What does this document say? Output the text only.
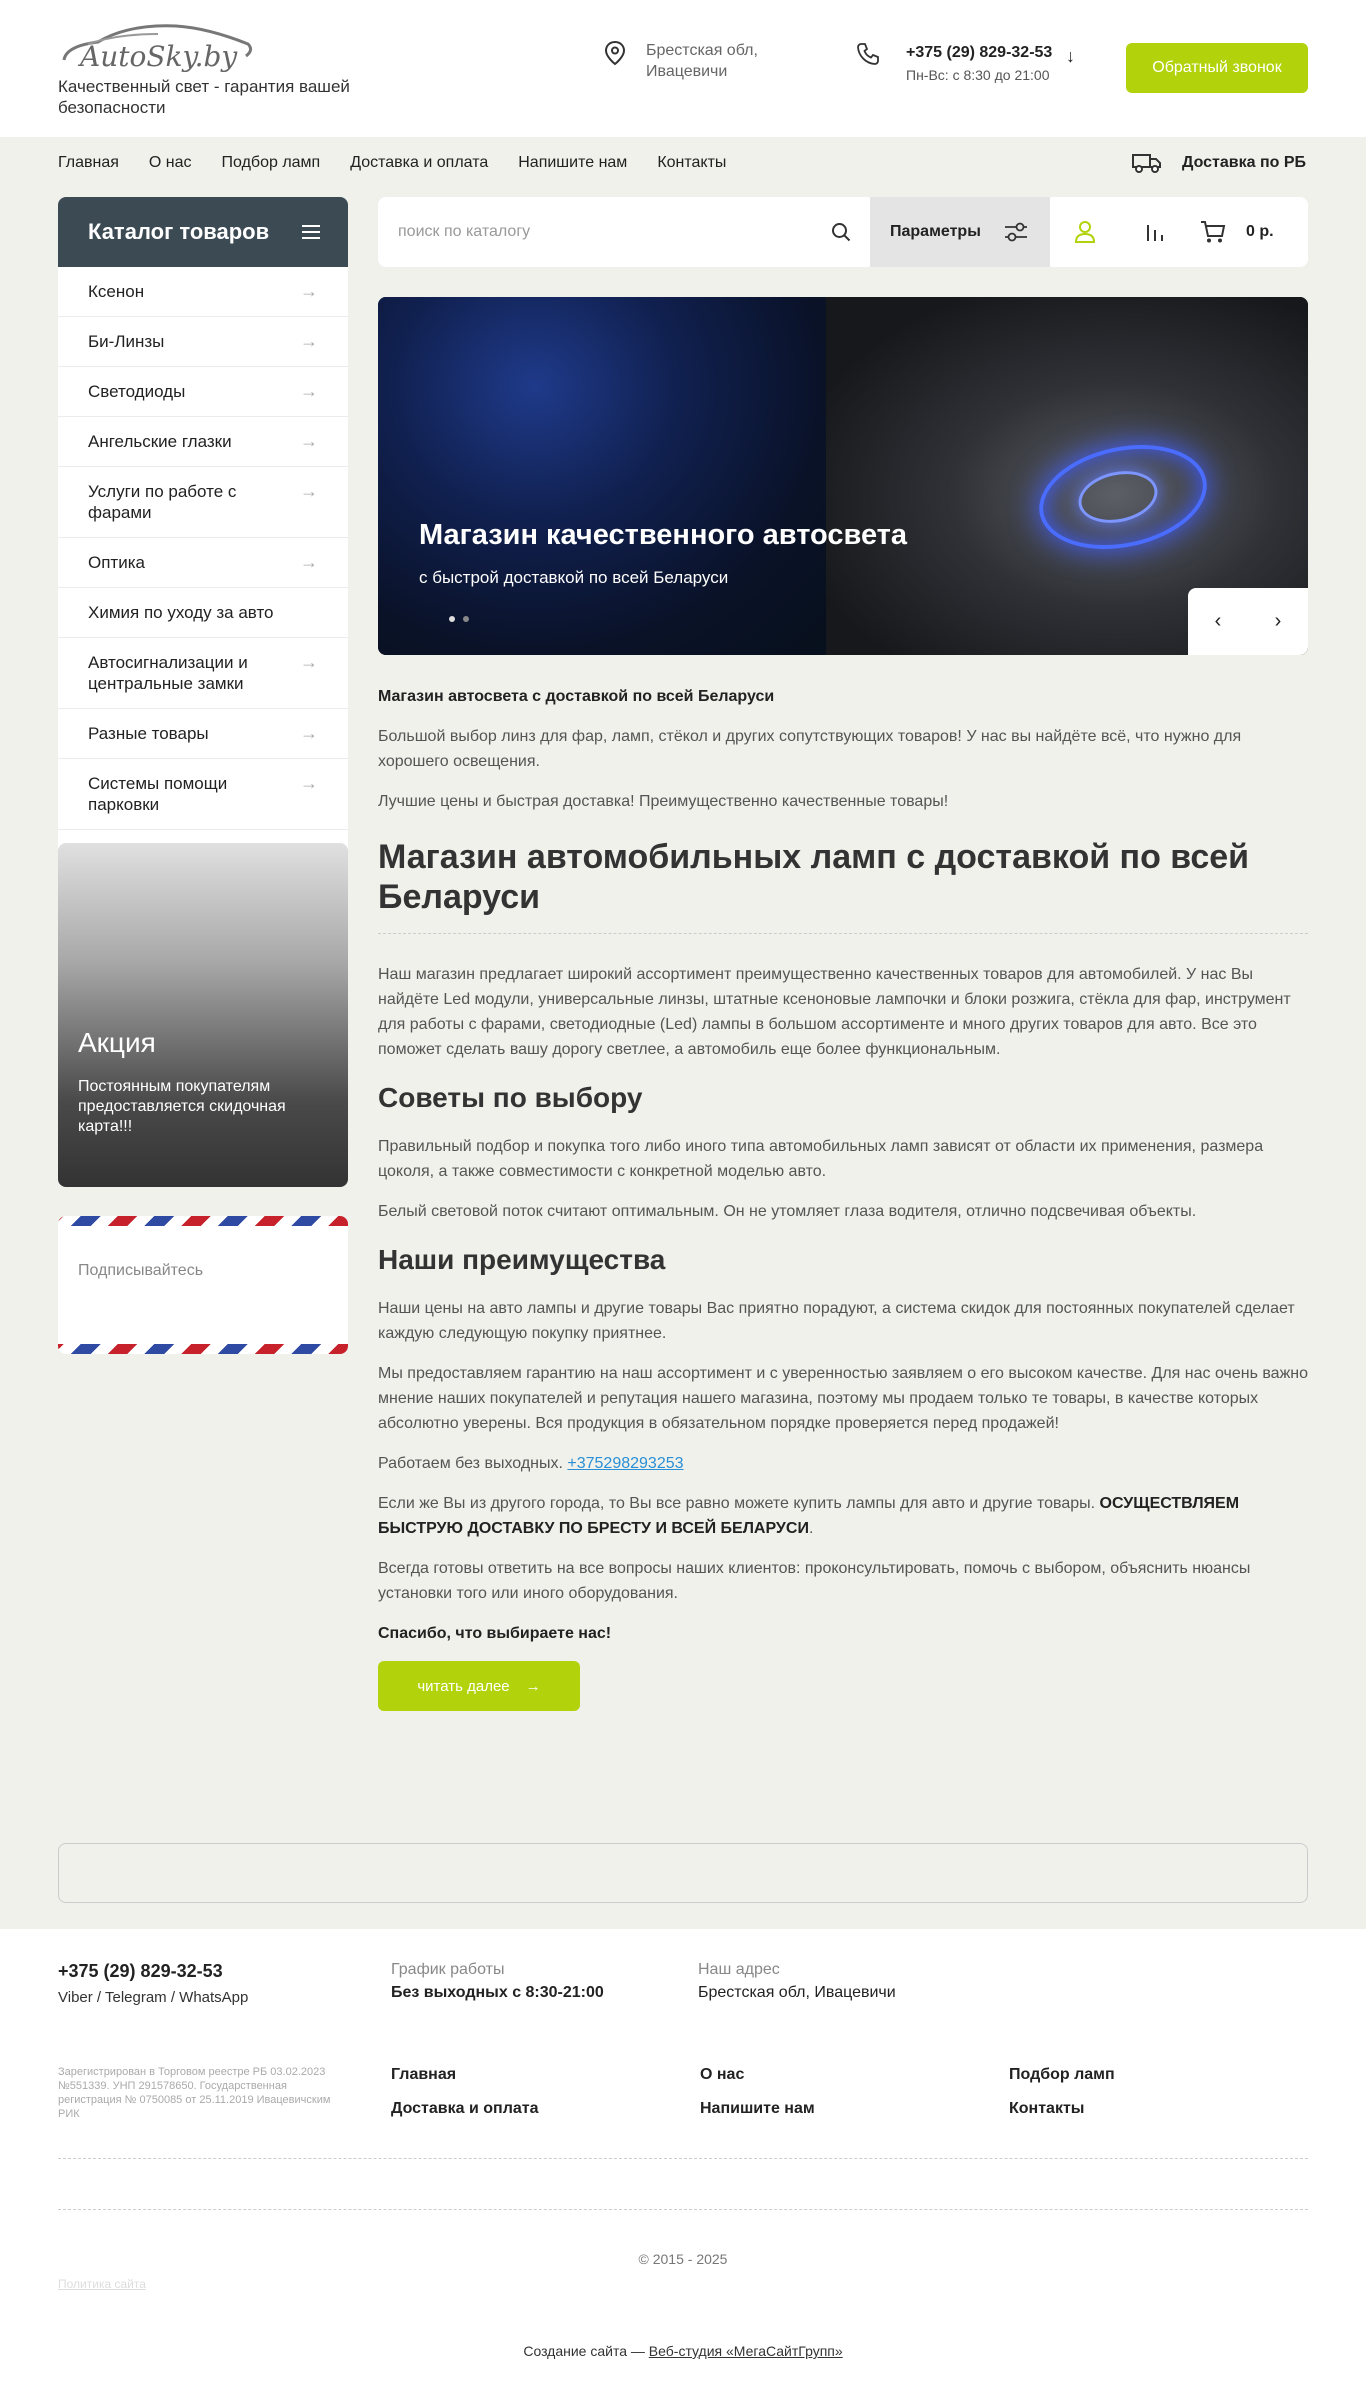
AutoSky.by
Качественный свет - гарантия вашей безопасности
Брестская обл, Ивацевичи
+375 (29) 829-32-53
Пн-Вс: с 8:30 до 21:00
↓
Обратный звонок
Главная О нас Подбор ламп Доставка и оплата Напишите нам Контакты	Доставка по РБ
Каталог товаров
Ксенон	→
Би-Линзы	→
Светодиоды	→
Ангельские глазки	→
Услуги по работе с фарами
→
Оптика	→
Химия по уходу за авто
Автосигнализации и центральные замки
→
Разные товары	→
Системы помощи парковки
→
Акция
Постоянным покупателям предоставляется скидочная карта!!!
Подписывайтесь
поиск по каталогу
Параметры	0 р.
Магазин качественного автосвета
с быстрой доставкой по всей Беларуси
‹	›

Магазин автосвета с доставкой по всей Беларуси

Большой выбор линз для фар, ламп, стёкол и других сопутствующих товаров! У нас вы найдёте всё, что нужно для хорошего освещения.

Лучшие цены и быстрая доставка! Преимущественно качественные товары!

Магазин автомобильных ламп с доставкой по всей Беларуси

Наш магазин предлагает широкий ассортимент преимущественно качественных товаров для автомобилей. У нас Вы найдёте Led модули, универсальные линзы, штатные ксеноновые лампочки и блоки розжига, стёкла для фар, инструмент для работы с фарами, светодиодные (Led) лампы в большом ассортименте и много других товаров для авто. Все это поможет сделать вашу дорогу светлее, а автомобиль еще более функциональным.

Советы по выбору

Правильный подбор и покупка того либо иного типа автомобильных ламп зависят от области их применения, размера цоколя, а также совместимости с конкретной моделью авто.

Белый световой поток считают оптимальным. Он не утомляет глаза водителя, отлично подсвечивая объекты.

Наши преимущества

Наши цены на авто лампы и другие товары Вас приятно порадуют, а система скидок для постоянных покупателей сделает каждую следующую покупку приятнее.

Мы предоставляем гарантию на наш ассортимент и с уверенностью заявляем о его высоком качестве. Для нас очень важно мнение наших покупателей и репутация нашего магазина, поэтому мы продаем только те товары, в качестве которых абсолютно уверены. Вся продукция в обязательном порядке проверяется перед продажей!

Работаем без выходных. +375298293253

Если же Вы из другого города, то Вы все равно можете купить лампы для авто и другие товары. ОСУЩЕСТВЛЯЕМ БЫСТРУЮ ДОСТАВКУ ПО БРЕСТУ И ВСЕЙ БЕЛАРУСИ.

Всегда готовы ответить на все вопросы наших клиентов: проконсультировать, помочь с выбором, объяснить нюансы установки того или иного оборудования.

Спасибо, что выбираете нас!

читать далее →
+375 (29) 829-32-53
Viber / Telegram / WhatsApp
График работы
Без выходных с 8:30-21:00
Наш адрес
Брестская обл, Ивацевичи
Зарегистрирован в Торговом реестре РБ 03.02.2023 №551339. УНП 291578650. Государственная регистрация № 0750085 от 25.11.2019 Ивацевичским РИК
Главная	О нас	Подбор ламп
Доставка и оплата	Напишите нам	Контакты
© 2015 - 2025
Политика сайта
Создание сайта — Веб-студия «МегаСайтГрупп»
